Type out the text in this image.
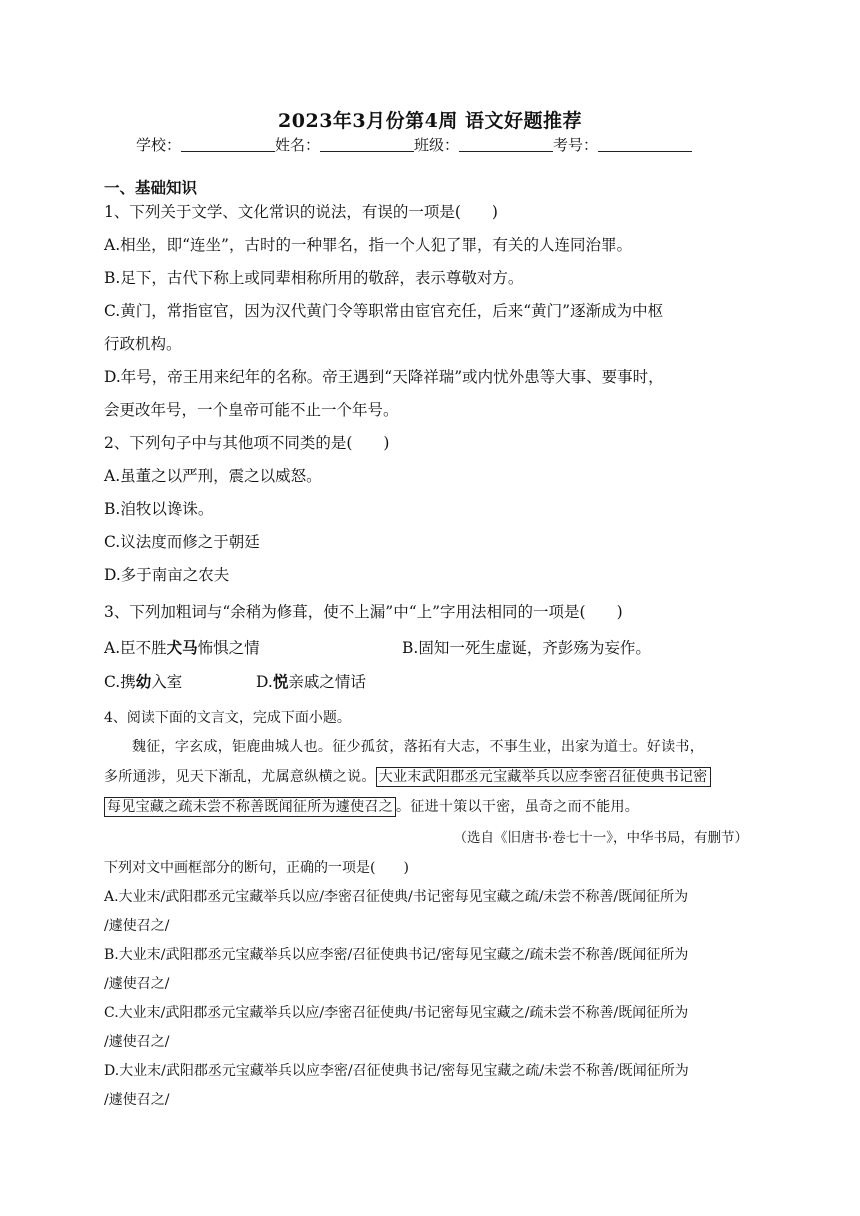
2023年3月份第4周 语文好题推荐
学校：	姓名：	班级：	考号：
一、基础知识
1、下列关于文学、文化常识的说法，有误的一项是(　　)
A.相坐，即“连坐”，古时的一种罪名，指一个人犯了罪，有关的人连同治罪。
B.足下，古代下称上或同辈相称所用的敬辞，表示尊敬对方。
C.黄门，常指宦官，因为汉代黄门令等职常由宦官充任，后来“黄门”逐渐成为中枢
行政机构。
D.年号，帝王用来纪年的名称。帝王遇到“天降祥瑞”或内忧外患等大事、要事时，
会更改年号，一个皇帝可能不止一个年号。
2、下列句子中与其他项不同类的是(　　)
A.虽董之以严刑，震之以威怒。
B.洎牧以谗诛。
C.议法度而修之于朝廷
D.多于南亩之农夫
3、下列加粗词与“余稍为修葺，使不上漏”中“上”字用法相同的一项是(　　)
A.臣不胜犬马怖惧之情	B.固知一死生虚诞，齐彭殇为妄作。
C.携幼入室	D.悦亲戚之情话
4、阅读下面的文言文，完成下面小题。
魏征，字玄成，钜鹿曲城人也。征少孤贫，落拓有大志，不事生业，出家为道士。好读书，
多所通涉，见天下渐乱，尤属意纵横之说。 大业末武阳郡丞元宝藏举兵以应李密召征使典书记密
每见宝藏之疏未尝不称善既闻征所为遽使召之 。征进十策以干密，虽奇之而不能用。
（选自《旧唐书·卷七十一》，中华书局，有删节）
下列对文中画框部分的断句，正确的一项是(　　)
A.大业末/武阳郡丞元宝藏举兵以应/李密召征使典/书记密每见宝藏之疏/未尝不称善/既闻征所为
/遽使召之/
B.大业末/武阳郡丞元宝藏举兵以应李密/召征使典书记/密每见宝藏之/疏未尝不称善/既闻征所为
/遽使召之/
C.大业末/武阳郡丞元宝藏举兵以应/李密召征使典/书记密每见宝藏之/疏未尝不称善/既闻征所为
/遽使召之/
D.大业末/武阳郡丞元宝藏举兵以应李密/召征使典书记/密每见宝藏之疏/未尝不称善/既闻征所为
/遽使召之/
